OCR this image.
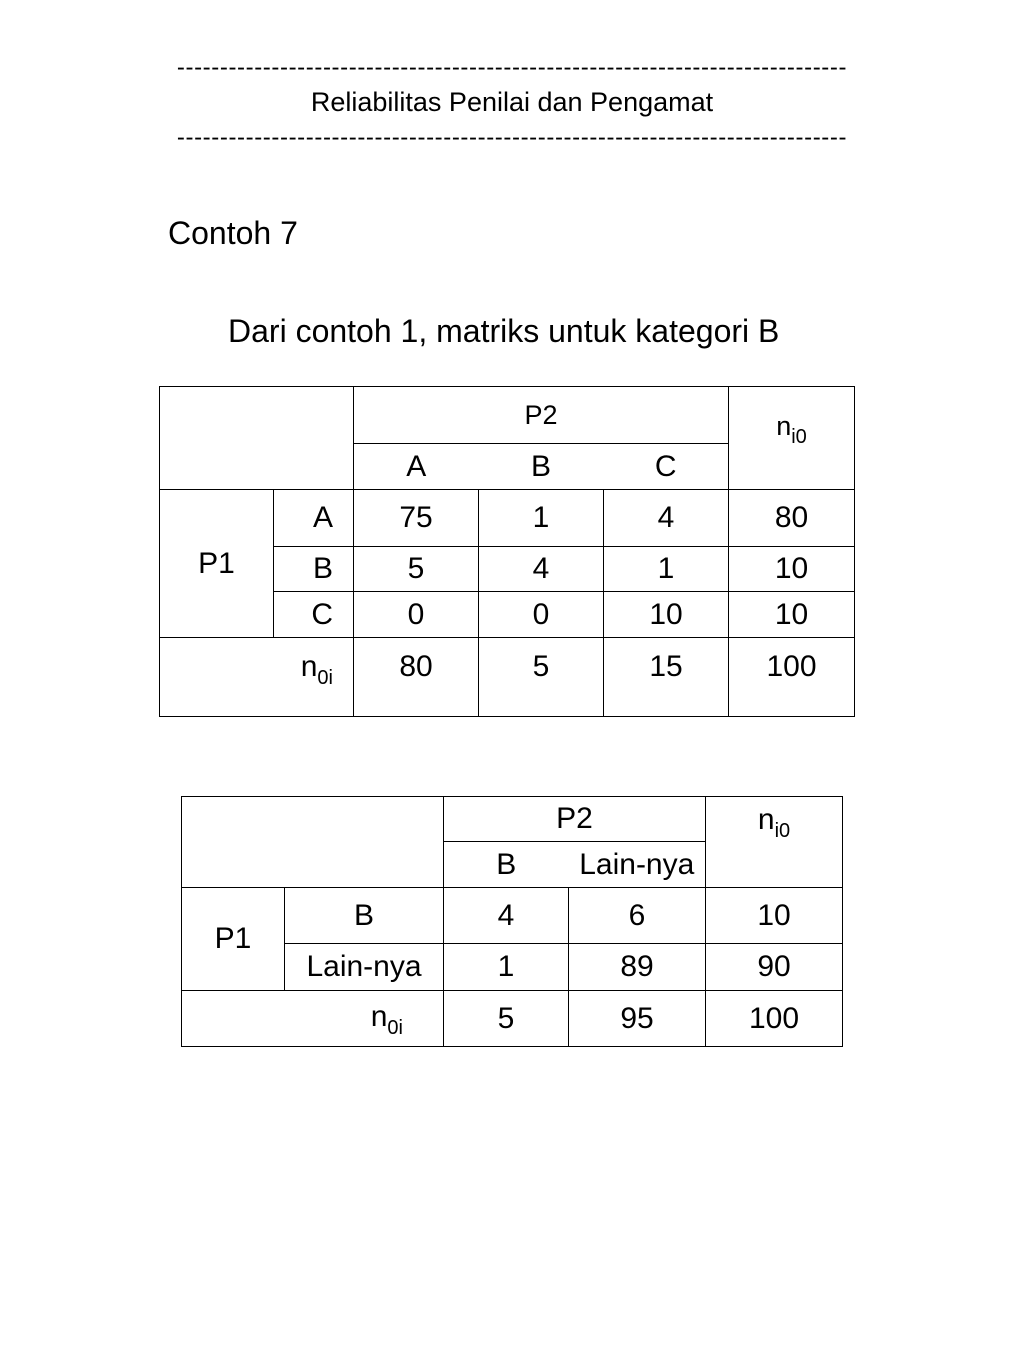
------------------------------------------------------------------------------
Reliabilitas Penilai dan Pengamat
------------------------------------------------------------------------------
Contoh 7
Dari contoh 1, matriks untuk kategori B
		P2			$n_{i0}$
		A	B	C	
P1	A	75	1	4	80
	B	5	4	1	10
	C	0	0	10	10
$n_{0i}$		80	5	15	100
		P2		$n_{i0}$
		B	Lain-nya	
P1	B	4	6	10
	Lain-nya	1	89	90
$n_{0i}$		5	95	100
